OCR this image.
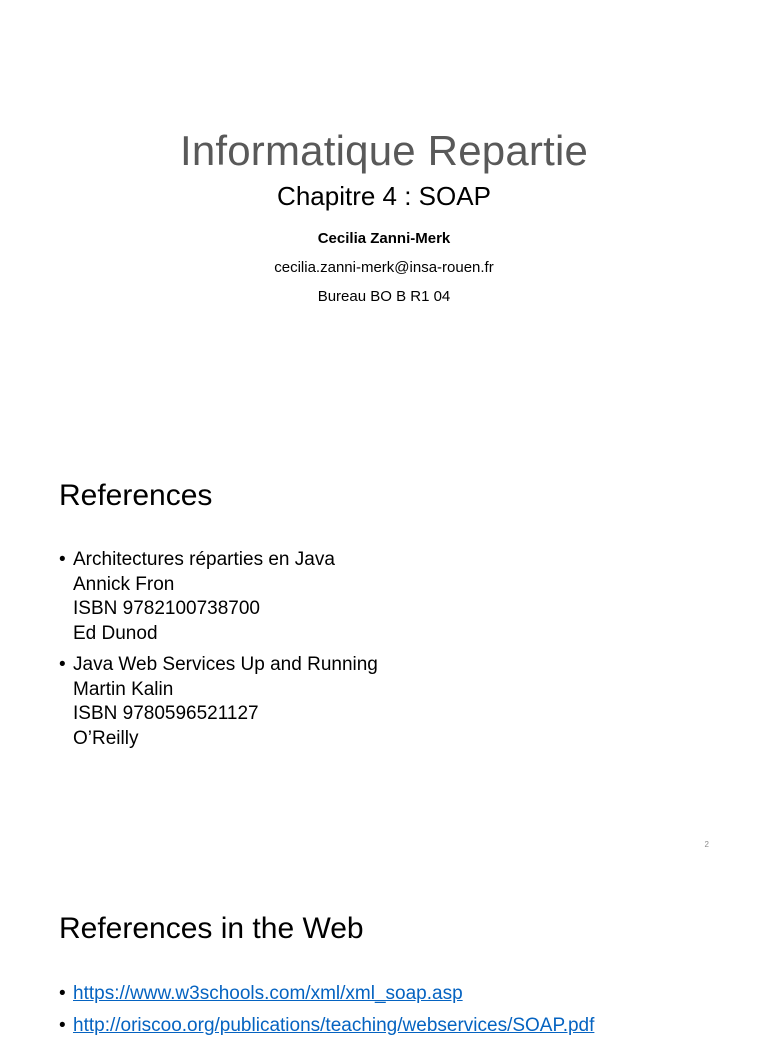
Informatique Repartie
Chapitre 4 : SOAP
Cecilia Zanni-Merk
cecilia.zanni-merk@insa-rouen.fr
Bureau BO B R1 04
References
• Architectures réparties en Java
Annick Fron
ISBN 9782100738700
Ed Dunod
• Java Web Services Up and Running
Martin Kalin
ISBN 9780596521127
O’Reilly
2
References in the Web
• https://www.w3schools.com/xml/xml_soap.asp
• http://oriscoo.org/publications/teaching/webservices/SOAP.pdf
